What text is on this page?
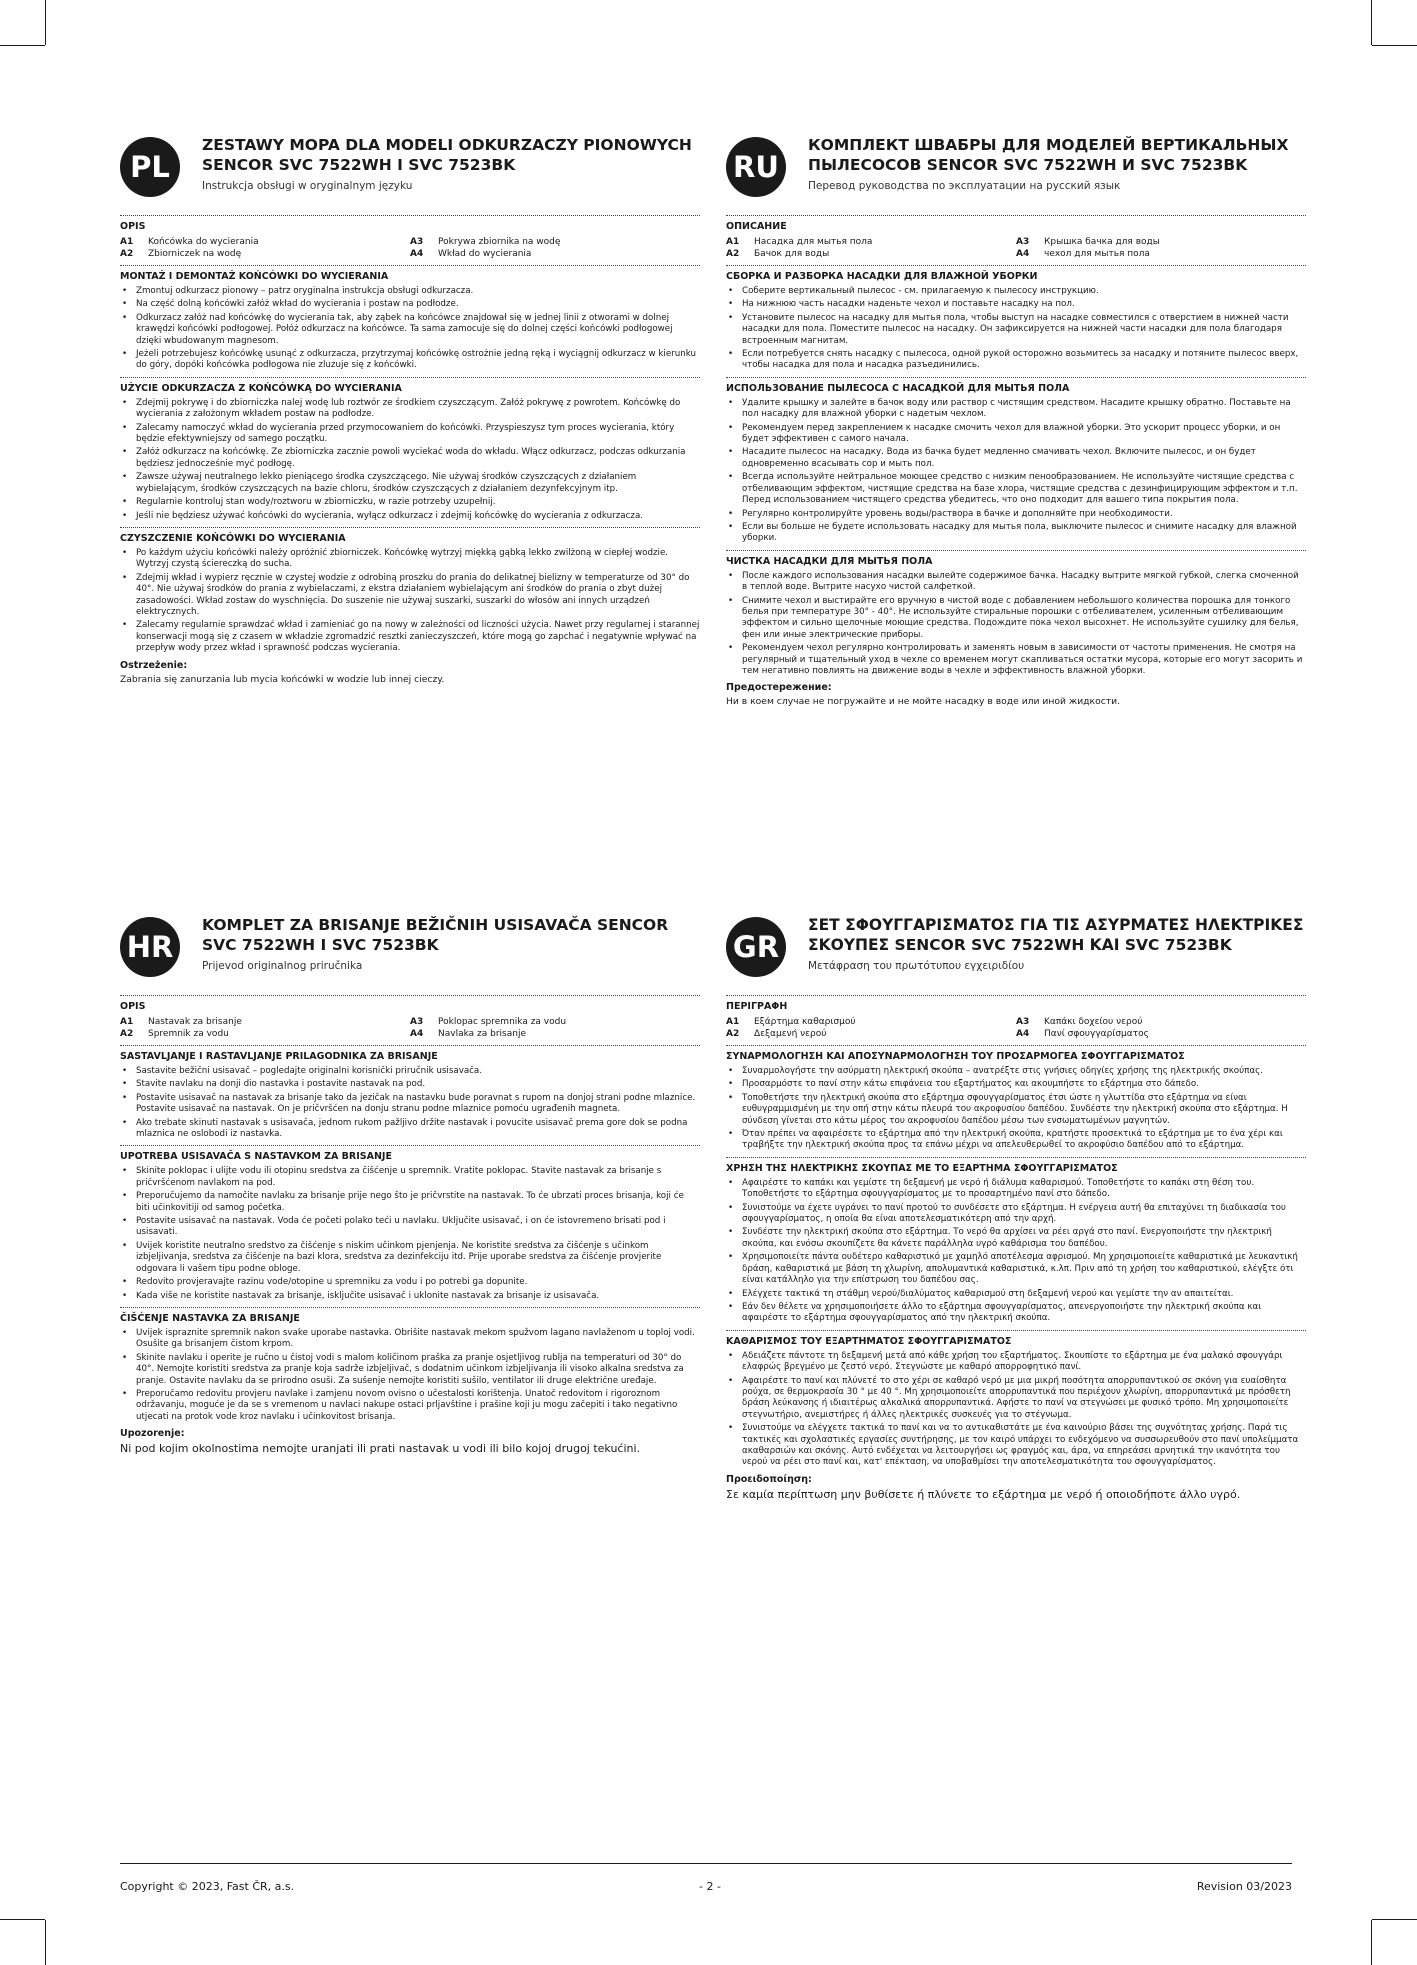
PL
ZESTAWY MOPA DLA MODELI ODKURZACZY PIONOWYCH SENCOR SVC 7522WH I SVC 7523BK
Instrukcja obsługi w oryginalnym języku
OPIS
A1 Końcówka do wycierania	A3 Pokrywa zbiornika na wodę
A2 Zbiorniczek na wodę	A4 Wkład do wycierania
MONTAŻ I DEMONTAŻ KOŃCÓWKI DO WYCIERANIA
• Zmontuj odkurzacz pionowy – patrz oryginalna instrukcja obsługi odkurzacza.
• Na część dolną końcówki załóż wkład do wycierania i postaw na podłodze.
• Odkurzacz załóż nad końcówkę do wycierania tak, aby ząbek na końcówce znajdował się w jednej linii z otworami w dolnej krawędzi końcówki podłogowej. Połóż odkurzacz na końcówce. Ta sama zamocuje się do dolnej części końcówki podłogowej dzięki wbudowanym magnesom.
• Jeżeli potrzebujesz końcówkę usunąć z odkurzacza, przytrzymaj końcówkę ostrożnie jedną ręką i wyciągnij odkurzacz w kierunku do góry, dopóki końcówka podłogowa nie zluzuje się z końcówki.
UŻYCIE ODKURZACZA Z KOŃCÓWKĄ DO WYCIERANIA
• Zdejmij pokrywę i do zbiorniczka nalej wodę lub roztwór ze środkiem czyszczącym. Załóż pokrywę z powrotem. Końcówkę do wycierania z założonym wkładem postaw na podłodze.
• Zalecamy namoczyć wkład do wycierania przed przymocowaniem do końcówki. Przyspieszysz tym proces wycierania, który będzie efektywniejszy od samego początku.
• Załóż odkurzacz na końcówkę. Ze zbiorniczka zacznie powoli wyciekać woda do wkładu. Włącz odkurzacz, podczas odkurzania będziesz jednocześnie myć podłogę.
• Zawsze używaj neutralnego lekko pieniącego środka czyszczącego. Nie używaj środków czyszczących z działaniem wybielającym, środków czyszczących na bazie chloru, środków czyszczących z działaniem dezynfekcyjnym itp.
• Regularnie kontroluj stan wody/roztworu w zbiorniczku, w razie potrzeby uzupełnij.
• Jeśli nie będziesz używać końcówki do wycierania, wyłącz odkurzacz i zdejmij końcówkę do wycierania z odkurzacza.
CZYSZCZENIE KOŃCÓWKI DO WYCIERANIA
• Po każdym użyciu końcówki należy opróżnić zbiorniczek. Końcówkę wytrzyj miękką gąbką lekko zwilżoną w ciepłej wodzie. Wytrzyj czystą ściereczką do sucha.
• Zdejmij wkład i wypierz ręcznie w czystej wodzie z odrobiną proszku do prania do delikatnej bielizny w temperaturze od 30° do 40°. Nie używaj środków do prania z wybielaczami, z ekstra działaniem wybielającym ani środków do prania o zbyt dużej zasadowości. Wkład zostaw do wyschnięcia. Do suszenie nie używaj suszarki, suszarki do włosów ani innych urządzeń elektrycznych.
• Zalecamy regularnie sprawdzać wkład i zamieniać go na nowy w zależności od liczności użycia. Nawet przy regularnej i starannej konserwacji mogą się z czasem w wkładzie zgromadzić resztki zanieczyszczeń, które mogą go zapchać i negatywnie wpływać na przepływ wody przez wkład i sprawność podczas wycierania.
Ostrzeżenie:

Zabrania się zanurzania lub mycia końcówki w wodzie lub innej cieczy.

RU
КОМПЛЕКТ ШВАБРЫ ДЛЯ МОДЕЛЕЙ ВЕРТИКАЛЬНЫХ ПЫЛЕСОСОВ SENCOR SVC 7522WH И SVC 7523BK
Перевод руководства по эксплуатации на русский язык
ОПИСАНИЕ
A1 Насадка для мытья пола	A3 Крышка бачка для воды
A2 Бачок для воды	A4 чехол для мытья пола
СБОРКА И РАЗБОРКА НАСАДКИ ДЛЯ ВЛАЖНОЙ УБОРКИ
• Соберите вертикальный пылесос - см. прилагаемую к пылесосу инструкцию.
• На нижнюю часть насадки наденьте чехол и поставьте насадку на пол.
• Установите пылесос на насадку для мытья пола, чтобы выступ на насадке совместился с отверстием в нижней части насадки для пола. Поместите пылесос на насадку. Он зафиксируется на нижней части насадки для пола благодаря встроенным магнитам.
• Если потребуется снять насадку с пылесоса, одной рукой осторожно возьмитесь за насадку и потяните пылесос вверх, чтобы насадка для пола и насадка разъединились.
ИСПОЛЬЗОВАНИЕ ПЫЛЕСОСА С НАСАДКОЙ ДЛЯ МЫТЬЯ ПОЛА
• Удалите крышку и залейте в бачок воду или раствор с чистящим средством. Насадите крышку обратно. Поставьте на пол насадку для влажной уборки с надетым чехлом.
• Рекомендуем перед закреплением к насадке смочить чехол для влажной уборки. Это ускорит процесс уборки, и он будет эффективен с самого начала.
• Насадите пылесос на насадку. Вода из бачка будет медленно смачивать чехол. Включите пылесос, и он будет одновременно всасывать сор и мыть пол.
• Всегда используйте нейтральное моющее средство с низким пенообразованием. Не используйте чистящие средства с отбеливающим эффектом, чистящие средства на базе хлора, чистящие средства с дезинфицирующим эффектом и т.п. Перед использованием чистящего средства убедитесь, что оно подходит для вашего типа покрытия пола.
• Регулярно контролируйте уровень воды/раствора в бачке и дополняйте при необходимости.
• Если вы больше не будете использовать насадку для мытья пола, выключите пылесос и снимите насадку для влажной уборки.
ЧИСТКА НАСАДКИ ДЛЯ МЫТЬЯ ПОЛА
• После каждого использования насадки вылейте содержимое бачка. Насадку вытрите мягкой губкой, слегка смоченной в теплой воде. Вытрите насухо чистой салфеткой.
• Снимите чехол и выстирайте его вручную в чистой воде с добавлением небольшого количества порошка для тонкого белья при температуре 30° - 40°. Не используйте стиральные порошки с отбеливателем, усиленным отбеливающим эффектом и сильно щелочные моющие средства. Подождите пока чехол высохнет. Не используйте сушилку для белья, фен или иные электрические приборы.
• Рекомендуем чехол регулярно контролировать и заменять новым в зависимости от частоты применения. Не смотря на регулярный и тщательный уход в чехле со временем могут скапливаться остатки мусора, которые его могут засорить и тем негативно повлиять на движение воды в чехле и эффективность влажной уборки.
Предостережение:

Ни в коем случае не погружайте и не мойте насадку в воде или иной жидкости.

HR
KOMPLET ZA BRISANJE BEŽIČNIH USISAVAČA SENCOR SVC 7522WH I SVC 7523BK
Prijevod originalnog priručnika
OPIS
A1 Nastavak za brisanje	A3 Poklopac spremnika za vodu
A2 Spremnik za vodu	A4 Navlaka za brisanje
SASTAVLJANJE I RASTAVLJANJE PRILAGODNIKA ZA BRISANJE
• Sastavite bežični usisavač – pogledajte originalni korisnički priručnik usisavača.
• Stavite navlaku na donji dio nastavka i postavite nastavak na pod.
• Postavite usisavač na nastavak za brisanje tako da jezičak na nastavku bude poravnat s rupom na donjoj strani podne mlaznice. Postavite usisavač na nastavak. On je pričvršćen na donju stranu podne mlaznice pomoću ugrađenih magneta.
• Ako trebate skinuti nastavak s usisavača, jednom rukom pažljivo držite nastavak i povucite usisavač prema gore dok se podna mlaznica ne oslobodi iz nastavka.
UPOTREBA USISAVAČA S NASTAVKOM ZA BRISANJE
• Skinite poklopac i ulijte vodu ili otopinu sredstva za čišćenje u spremnik. Vratite poklopac. Stavite nastavak za brisanje s pričvršćenom navlakom na pod.
• Preporučujemo da namočite navlaku za brisanje prije nego što je pričvrstite na nastavak. To će ubrzati proces brisanja, koji će biti učinkovitiji od samog početka.
• Postavite usisavač na nastavak. Voda će početi polako teći u navlaku. Uključite usisavač, i on će istovremeno brisati pod i usisavati.
• Uvijek koristite neutralno sredstvo za čišćenje s niskim učinkom pjenjenja. Ne koristite sredstva za čišćenje s učinkom izbjeljivanja, sredstva za čišćenje na bazi klora, sredstva za dezinfekciju itd. Prije uporabe sredstva za čišćenje provjerite odgovara li vašem tipu podne obloge.
• Redovito provjeravajte razinu vode/otopine u spremniku za vodu i po potrebi ga dopunite.
• Kada više ne koristite nastavak za brisanje, isključite usisavač i uklonite nastavak za brisanje iz usisavača.
ČIŠĆENJE NASTAVKA ZA BRISANJE
• Uvijek ispraznite spremnik nakon svake uporabe nastavka. Obrišite nastavak mekom spužvom lagano navlaženom u toploj vodi. Osušite ga brisanjem čistom krpom.
• Skinite navlaku i operite je ručno u čistoj vodi s malom količinom praška za pranje osjetljivog rublja na temperaturi od 30° do 40°. Nemojte koristiti sredstva za pranje koja sadrže izbjeljivač, s dodatnim učinkom izbjeljivanja ili visoko alkalna sredstva za pranje. Ostavite navlaku da se prirodno osuši. Za sušenje nemojte koristiti sušilo, ventilator ili druge električne uređaje.
• Preporučamo redovitu provjeru navlake i zamjenu novom ovisno o učestalosti korištenja. Unatoč redovitom i rigoroznom održavanju, moguće je da se s vremenom u navlaci nakupe ostaci prljavštine i prašine koji ju mogu začepiti i tako negativno utjecati na protok vode kroz navlaku i učinkovitost brisanja.
Upozorenje:

Ni pod kojim okolnostima nemojte uranjati ili prati nastavak u vodi ili bilo kojoj drugoj tekućini.

GR
ΣΕΤ ΣΦΟΥΓΓΑΡΙΣΜΑΤΟΣ ΓΙΑ ΤΙΣ ΑΣΥΡΜΑΤΕΣ ΗΛΕΚΤΡΙΚΕΣ ΣΚΟΥΠΕΣ SENCOR SVC 7522WH ΚΑΙ SVC 7523BK
Μετάφραση του πρωτότυπου εγχειριδίου
ΠΕΡΙΓΡΑΦΗ
A1 Εξάρτημα καθαρισμού	A3 Καπάκι δοχείου νερού
A2 Δεξαμενή νερού	A4 Πανί σφουγγαρίσματος
ΣΥΝΑΡΜΟΛΟΓΗΣΗ ΚΑΙ ΑΠΟΣΥΝΑΡΜΟΛΟΓΗΣΗ ΤΟΥ ΠΡΟΣΑΡΜΟΓΕΑ ΣΦΟΥΓΓΑΡΙΣΜΑΤΟΣ
• Συναρμολογήστε την ασύρματη ηλεκτρική σκούπα – ανατρέξτε στις γνήσιες οδηγίες χρήσης της ηλεκτρικής σκούπας.
• Προσαρμόστε το πανί στην κάτω επιφάνεια του εξαρτήματος και ακουμπήστε το εξάρτημα στο δάπεδο.
• Τοποθετήστε την ηλεκτρική σκούπα στο εξάρτημα σφουγγαρίσματος έτσι ώστε η γλωττίδα στο εξάρτημα να είναι ευθυγραμμισμένη με την οπή στην κάτω πλευρά του ακροφυσίου δαπέδου. Συνδέστε την ηλεκτρική σκούπα στο εξάρτημα. Η σύνδεση γίνεται στο κάτω μέρος του ακροφυσίου δαπέδου μέσω των ενσωματωμένων μαγνητών.
• Όταν πρέπει να αφαιρέσετε το εξάρτημα από την ηλεκτρική σκούπα, κρατήστε προσεκτικά το εξάρτημα με το ένα χέρι και τραβήξτε την ηλεκτρική σκούπα προς τα επάνω μέχρι να απελευθερωθεί το ακροφύσιο δαπέδου από το εξάρτημα.
ΧΡΗΣΗ ΤΗΣ ΗΛΕΚΤΡΙΚΗΣ ΣΚΟΥΠΑΣ ΜΕ ΤΟ ΕΞΑΡΤΗΜΑ ΣΦΟΥΓΓΑΡΙΣΜΑΤΟΣ
• Αφαιρέστε το καπάκι και γεμίστε τη δεξαμενή με νερό ή διάλυμα καθαρισμού. Τοποθετήστε το καπάκι στη θέση του. Τοποθετήστε το εξάρτημα σφουγγαρίσματος με το προσαρτημένο πανί στο δάπεδο.
• Συνιστούμε να έχετε υγράνει το πανί προτού το συνδέσετε στο εξάρτημα. Η ενέργεια αυτή θα επιταχύνει τη διαδικασία του σφουγγαρίσματος, η οποία θα είναι αποτελεσματικότερη από την αρχή.
• Συνδέστε την ηλεκτρική σκούπα στο εξάρτημα. Το νερό θα αρχίσει να ρέει αργά στο πανί. Ενεργοποιήστε την ηλεκτρική σκούπα, και ενόσω σκουπίζετε θα κάνετε παράλληλα υγρό καθάρισμα του δαπέδου.
• Χρησιμοποιείτε πάντα ουδέτερο καθαριστικό με χαμηλό αποτέλεσμα αφρισμού. Μη χρησιμοποιείτε καθαριστικά με λευκαντική δράση, καθαριστικά με βάση τη χλωρίνη, απολυμαντικά καθαριστικά, κ.λπ. Πριν από τη χρήση του καθαριστικού, ελέγξτε ότι είναι κατάλληλο για την επίστρωση του δαπέδου σας.
• Ελέγχετε τακτικά τη στάθμη νερού/διαλύματος καθαρισμού στη δεξαμενή νερού και γεμίστε την αν απαιτείται.
• Εάν δεν θέλετε να χρησιμοποιήσετε άλλο το εξάρτημα σφουγγαρίσματος, απενεργοποιήστε την ηλεκτρική σκούπα και αφαιρέστε το εξάρτημα σφουγγαρίσματος από την ηλεκτρική σκούπα.
ΚΑΘΑΡΙΣΜΟΣ ΤΟΥ ΕΞΑΡΤΗΜΑΤΟΣ ΣΦΟΥΓΓΑΡΙΣΜΑΤΟΣ
• Αδειάζετε πάντοτε τη δεξαμενή μετά από κάθε χρήση του εξαρτήματος. Σκουπίστε το εξάρτημα με ένα μαλακό σφουγγάρι ελαφρώς βρεγμένο με ζεστό νερό. Στεγνώστε με καθαρό απορροφητικό πανί.
• Αφαιρέστε το πανί και πλύνετέ το στο χέρι σε καθαρό νερό με μια μικρή ποσότητα απορρυπαντικού σε σκόνη για ευαίσθητα ρούχα, σε θερμοκρασία 30 ° με 40 °. Μη χρησιμοποιείτε απορρυπαντικά που περιέχουν χλωρίνη, απορρυπαντικά με πρόσθετη δράση λεύκανσης ή ιδιαιτέρως αλκαλικά απορρυπαντικά. Αφήστε το πανί να στεγνώσει με φυσικό τρόπο. Μη χρησιμοποιείτε στεγνωτήριο, ανεμιστήρες ή άλλες ηλεκτρικές συσκευές για το στέγνωμα.
• Συνιστούμε να ελέγχετε τακτικά το πανί και να το αντικαθιστάτε με ένα καινούριο βάσει της συχνότητας χρήσης. Παρά τις τακτικές και σχολαστικές εργασίες συντήρησης, με τον καιρό υπάρχει το ενδεχόμενο να συσσωρευθούν στο πανί υπολείμματα ακαθαρσιών και σκόνης. Αυτό ενδέχεται να λειτουργήσει ως φραγμός και, άρα, να επηρεάσει αρνητικά την ικανότητα του νερού να ρέει στο πανί και, κατ' επέκταση, να υποβαθμίσει την αποτελεσματικότητα του σφουγγαρίσματος.
Προειδοποίηση:

Σε καμία περίπτωση μην βυθίσετε ή πλύνετε το εξάρτημα με νερό ή οποιοδήποτε άλλο υγρό.

Copyright © 2023, Fast ČR, a.s.	- 2 -	Revision 03/2023
